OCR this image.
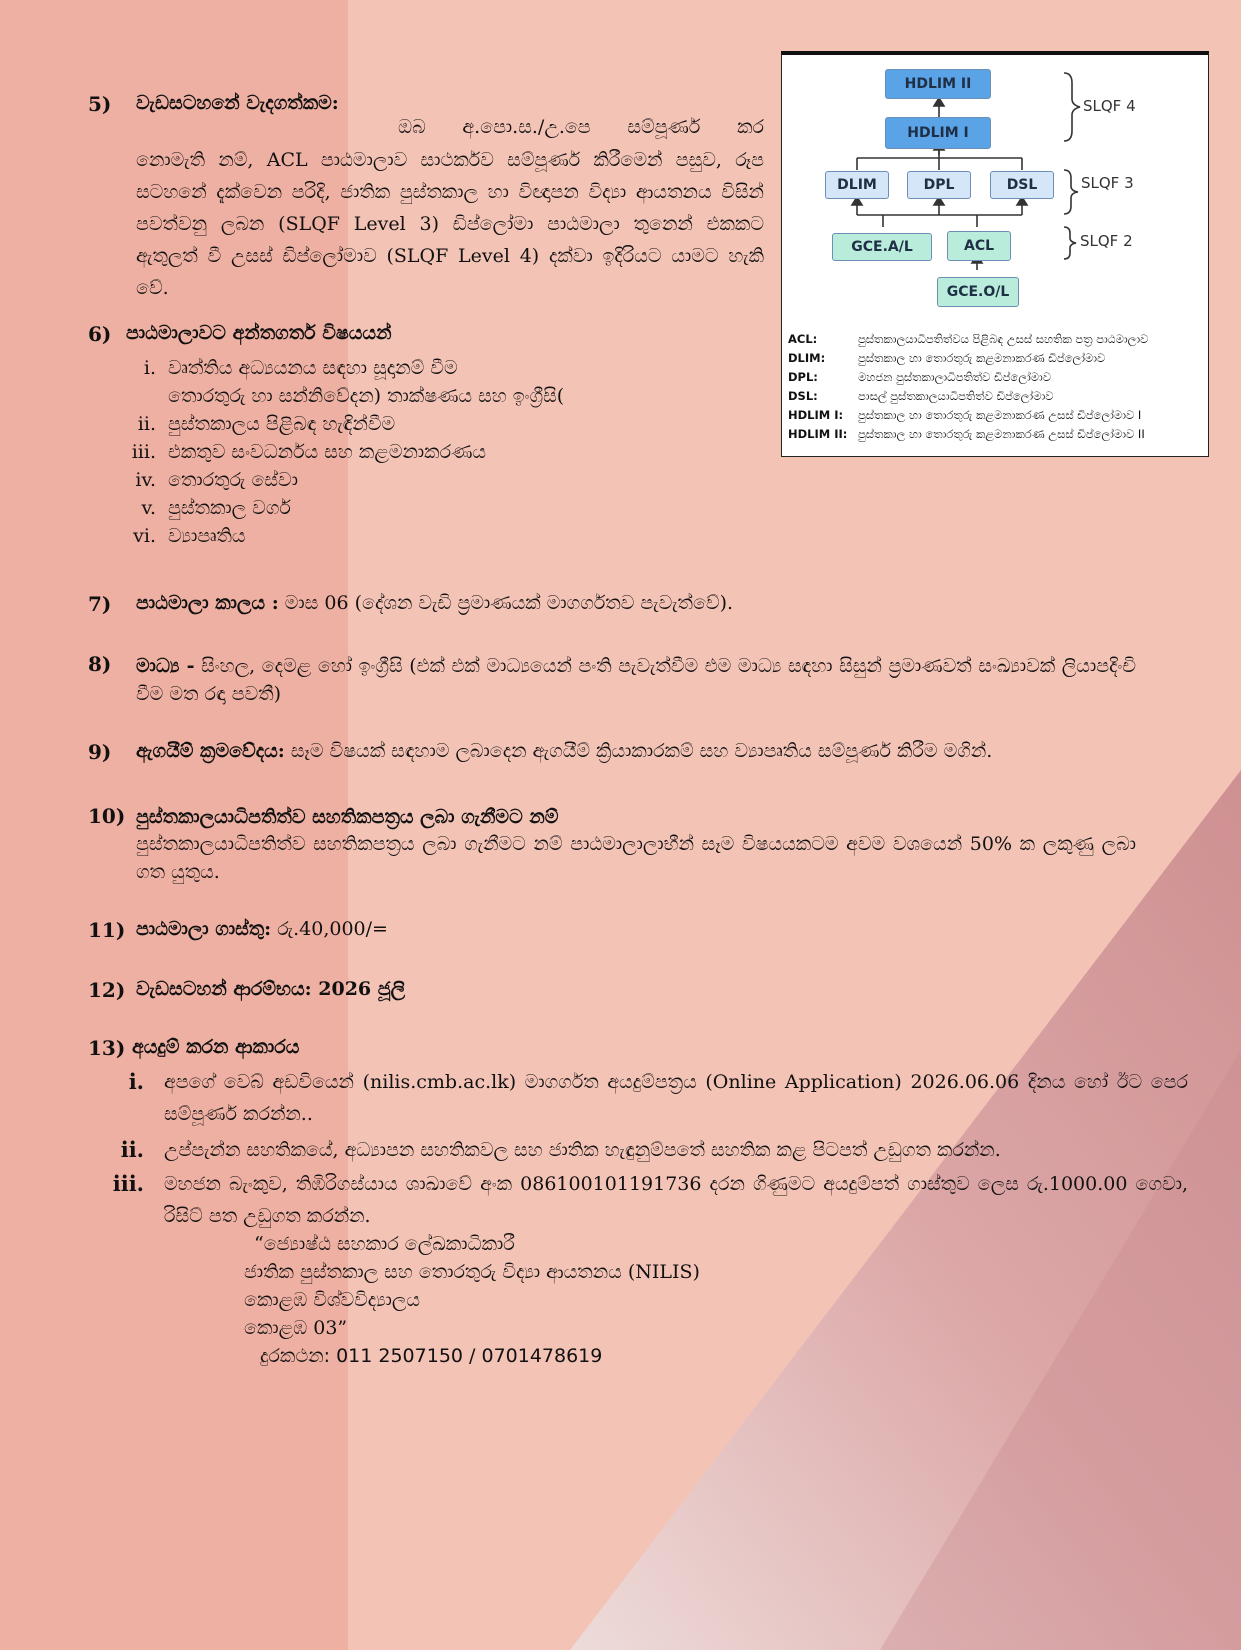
5) වැඩසටහනේ වැදගත්කම:
ඔබ අ.පො.ස./උ.පෙ සම්පූණර් කර
නොමැති නම්, ACL පාඨමාලාව සාථර්කව සම්පූණර් කිරීමෙන් පසුව, රූප සටහනේ දැක්වෙන පරිදි, ජාතික පුස්තකාල හා විඥාපන විද්‍යා ආයතනය විසින් පවත්වනු ලබන (SLQF Level 3) ඩිප්ලෝමා පාඨමාලා තුනෙන් එකකට ඇතුලත් වී උසස් ඩිප්ලෝමාව (SLQF Level 4) දක්වා ඉදිරියට යාමට හැකි වේ.
HDLIM II
HDLIM I
DLIM	DPL	DSL
GCE.A/L	ACL
GCE.O/L
SLQF 4
SLQF 3
SLQF 2
ACL:	පුස්තකාලයාධිපතිත්වය පිළිබඳ උසස් සහතික පත්‍ර පාඨමාලාව
DLIM:	පුස්තකාල හා තොරතුරු කළමනාකරණ ඩිප්ලෝමාව
DPL:	මහජන පුස්තකාලාධිපතිත්ව ඩිප්ලෝමාව
DSL:	පාසල් පුස්තකාලයාධිපතිත්ව ඩිප්ලෝමාව
HDLIM I: පුස්තකාල හා තොරතුරු කළමනාකරණ උසස් ඩිප්ලෝමාව I
HDLIM II: පුස්තකාල හා තොරතුරු කළමනාකරණ උසස් ඩිප්ලෝමාව II
6) පාඨමාලාවට අන්තගර්ත විෂයයන්
i. වෘත්තිය අධ්‍යයනය සඳහා සූදානම් වීම
තොරතුරු හා සන්නිවේදන) තාක්ෂණය සහ ඉංග්‍රීසි(
ii. පුස්තකාලය පිළිබඳ හැඳින්වීම
iii. එකතුව සංවධර්නය සහ කළමනාකරණය
iv. තොරතුරු සේවා
v. පුස්තකාල වගර්
vi. ව්‍යාපෘතිය
7) පාඨමාලා කාලය : මාස 06 (දේශන වැඩි ප්‍රමාණයක් මාගර්ගතව පැවැත්වේ).
8) මාධ්‍ය - සිංහල, දෙමළ හෝ ඉංග්‍රීසි (එක් එක් මාධ්‍යයෙන් පංති පැවැත්වීම එම මාධ්‍ය සඳහා සිසුන් ප්‍රමාණවත් සංඛ්‍යාවක් ලියාපදිංචි වීම මත රඳා පවතී)
9) ඇගයීම් ක්‍රමවේදය: සෑම විෂයක් සඳහාම ලබාදෙන ඇගයීම් ක්‍රියාකාරකම් සහ ව්‍යාපෘතිය සම්පූණර් කිරීම මගින්.
10) පුස්තකාලයාධිපතිත්ව සහතිකපත්‍රය ලබා ගැනීමට නම්
පුස්තකාලයාධිපතිත්ව සහතිකපත්‍රය ලබා ගැනීමට නම් පාඨමාලාලාභීන් සෑම විෂයයකටම අවම වශයෙන් 50% ක ලකුණු ලබා ගත යුතුය.
11) පාඨමාලා ගාස්තු: රු.40,000/=
12) වැඩසටහන් ආරම්භය: 2026 ජූලි
13) අයදුම් කරන ආකාරය
i. අපගේ වෙබ් අඩවියෙන් (nilis.cmb.ac.lk) මාගර්ගත අයදුම්පත්‍රය (Online Application) 2026.06.06 දිනය හෝ ඊට පෙර සම්පූණර් කරන්න..
ii. උප්පැන්න සහතිකයේ, අධ්‍යාපන සහතිකවල සහ ජාතික හැඳුනුම්පතේ සහතික කළ පිටපත් උඩුගත කරන්න.
iii. මහජන බැංකුව, තිඹිරිගස්යාය ශාඛාවේ අංක 086100101191736 දරන ගිණුමට අයදුම්පත් ගාස්තුව ලෙස රු.1000.00 ගෙවා, රිසිට් පත උඩුගත කරන්න.
“ජ්‍යොෂ්ඨ සහකාර ලේඛකාධිකාරී
ජාතික පුස්තකාල සහ තොරතුරු විද්‍යා ආයතනය (NILIS)
කොළඹ විශ්වවිද්‍යාලය
කොළඹ 03”
දුරකථන: 011 2507150 / 0701478619
